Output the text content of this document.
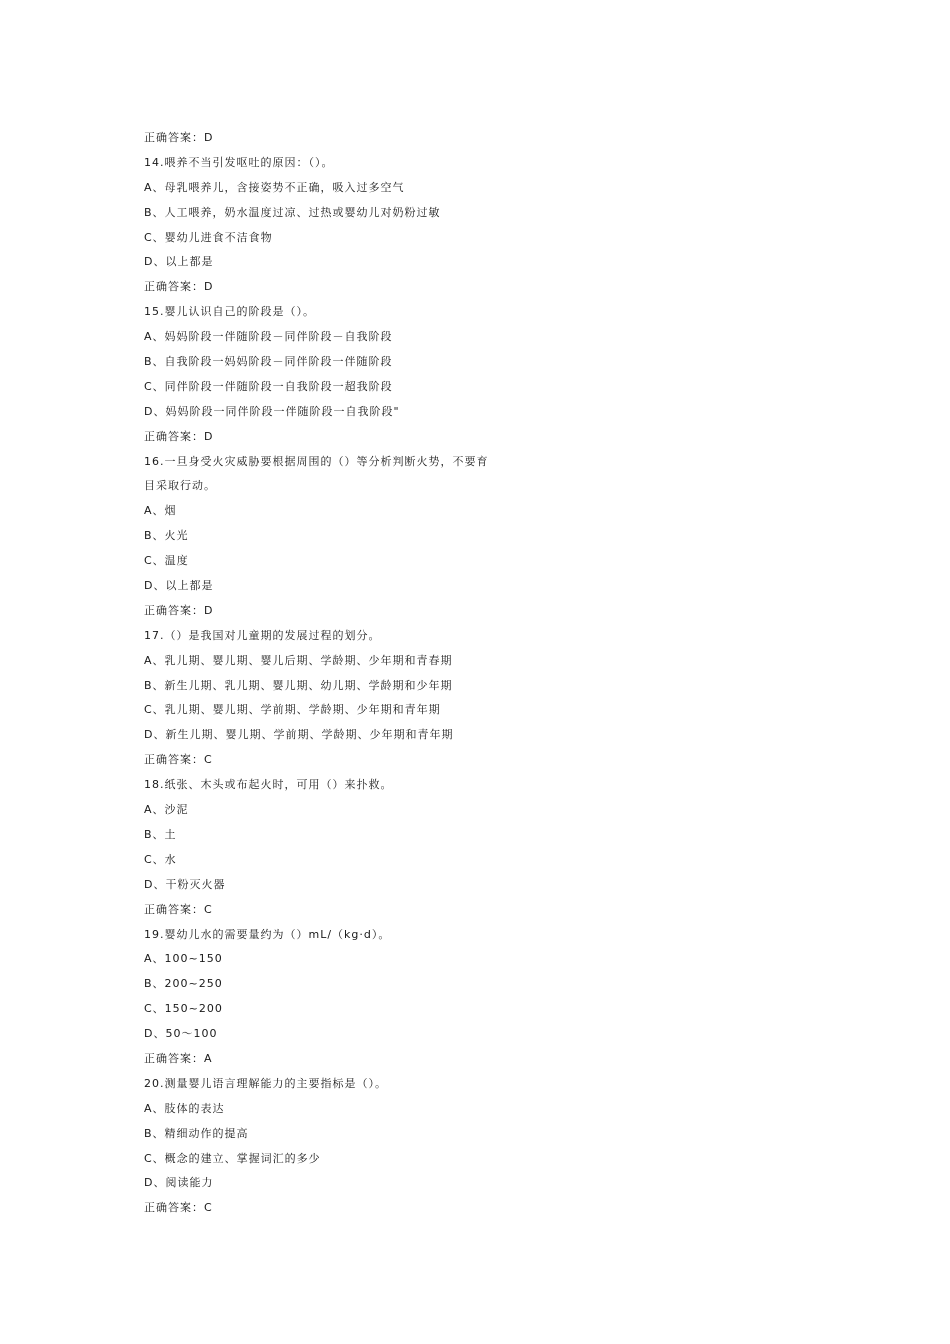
正确答案：D
14.喂养不当引发呕吐的原因：（）。
A、母乳喂养儿，含接姿势不正确，吸入过多空气
B、人工喂养，奶水温度过凉、过热或婴幼儿对奶粉过敏
C、婴幼儿进食不洁食物
D、以上都是
正确答案：D
15.婴儿认识自己的阶段是（）。
A、妈妈阶段一伴随阶段－同伴阶段－自我阶段
B、自我阶段一妈妈阶段－同伴阶段一伴随阶段
C、同伴阶段一伴随阶段一自我阶段一超我阶段
D、妈妈阶段一同伴阶段一伴随阶段一自我阶段"
正确答案：D
16.一旦身受火灾威胁要根据周围的（）等分析判断火势，不要育
目采取行动。
A、烟
B、火光
C、温度
D、以上都是
正确答案：D
17.（）是我国对儿童期的发展过程的划分。
A、乳儿期、婴儿期、婴儿后期、学龄期、少年期和青春期
B、新生儿期、乳儿期、婴儿期、幼儿期、学龄期和少年期
C、乳儿期、婴儿期、学前期、学龄期、少年期和青年期
D、新生儿期、婴儿期、学前期、学龄期、少年期和青年期
正确答案：C
18.纸张、木头或布起火时，可用（）来扑救。
A、沙泥
B、土
C、水
D、干粉灭火器
正确答案：C
19.婴幼儿水的需要量约为（）mL/（kg·d）。
A、100~150
B、200~250
C、150~200
D、50～100
正确答案：A
20.测量婴儿语言理解能力的主要指标是（）。
A、肢体的表达
B、精细动作的提高
C、概念的建立、掌握词汇的多少
D、阅读能力
正确答案：C
